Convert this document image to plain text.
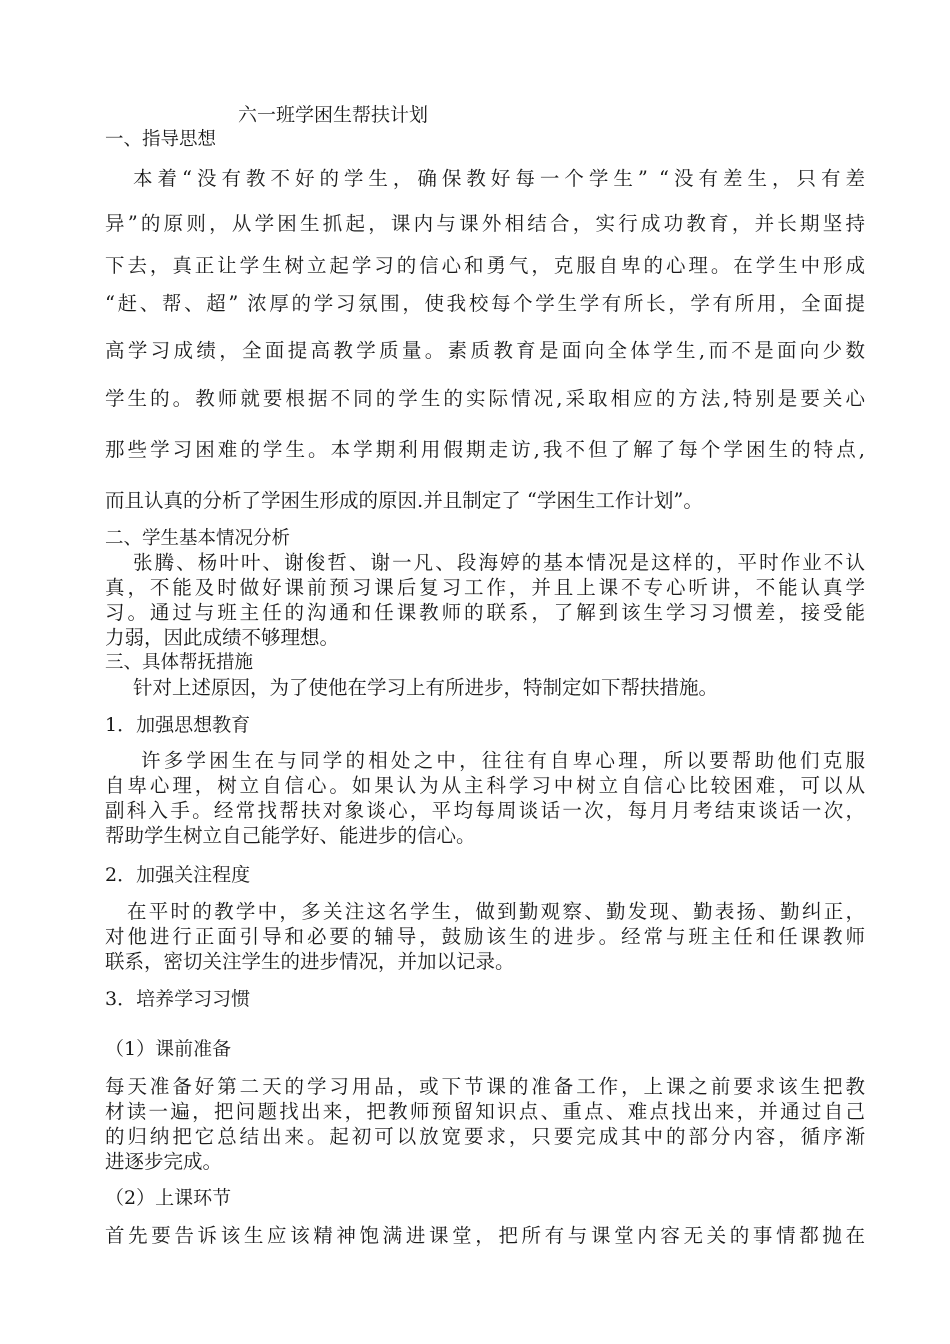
六一班学困生帮扶计划
一、指导思想
本着“没有教不好的学生，确保教好每一个学生” “没有差生，只有差
异”的原则，从学困生抓起，课内与课外相结合，实行成功教育，并长期坚持
下去，真正让学生树立起学习的信心和勇气，克服自卑的心理。在学生中形成
“赶、帮、超” 浓厚的学习氛围，使我校每个学生学有所长，学有所用，全面提
高学习成绩，全面提高教学质量。素质教育是面向全体学生,而不是面向少数
学生的。教师就要根据不同的学生的实际情况,采取相应的方法,特别是要关心
那些学习困难的学生。本学期利用假期走访,我不但了解了每个学困生的特点,
而且认真的分析了学困生形成的原因.并且制定了 “学困生工作计划”。
二、学生基本情况分析
张腾、杨叶叶、谢俊哲、谢一凡、段海婷的基本情况是这样的，平时作业不认
真，不能及时做好课前预习课后复习工作，并且上课不专心听讲，不能认真学
习。通过与班主任的沟通和任课教师的联系，了解到该生学习习惯差，接受能
力弱，因此成绩不够理想。
三、具体帮抚措施
针对上述原因，为了使他在学习上有所进步，特制定如下帮扶措施。
1．加强思想教育
许多学困生在与同学的相处之中，往往有自卑心理，所以要帮助他们克服
自卑心理，树立自信心。如果认为从主科学习中树立自信心比较困难，可以从
副科入手。经常找帮扶对象谈心，平均每周谈话一次，每月月考结束谈话一次，
帮助学生树立自己能学好、能进步的信心。
2．加强关注程度
在平时的教学中，多关注这名学生，做到勤观察、勤发现、勤表扬、勤纠正，
对他进行正面引导和必要的辅导，鼓励该生的进步。经常与班主任和任课教师
联系，密切关注学生的进步情况，并加以记录。
3．培养学习习惯
（1）课前准备
每天准备好第二天的学习用品，或下节课的准备工作，上课之前要求该生把教
材读一遍，把问题找出来，把教师预留知识点、重点、难点找出来，并通过自己
的归纳把它总结出来。起初可以放宽要求，只要完成其中的部分内容，循序渐
进逐步完成。
（2）上课环节
首先要告诉该生应该精神饱满进课堂，把所有与课堂内容无关的事情都抛在
